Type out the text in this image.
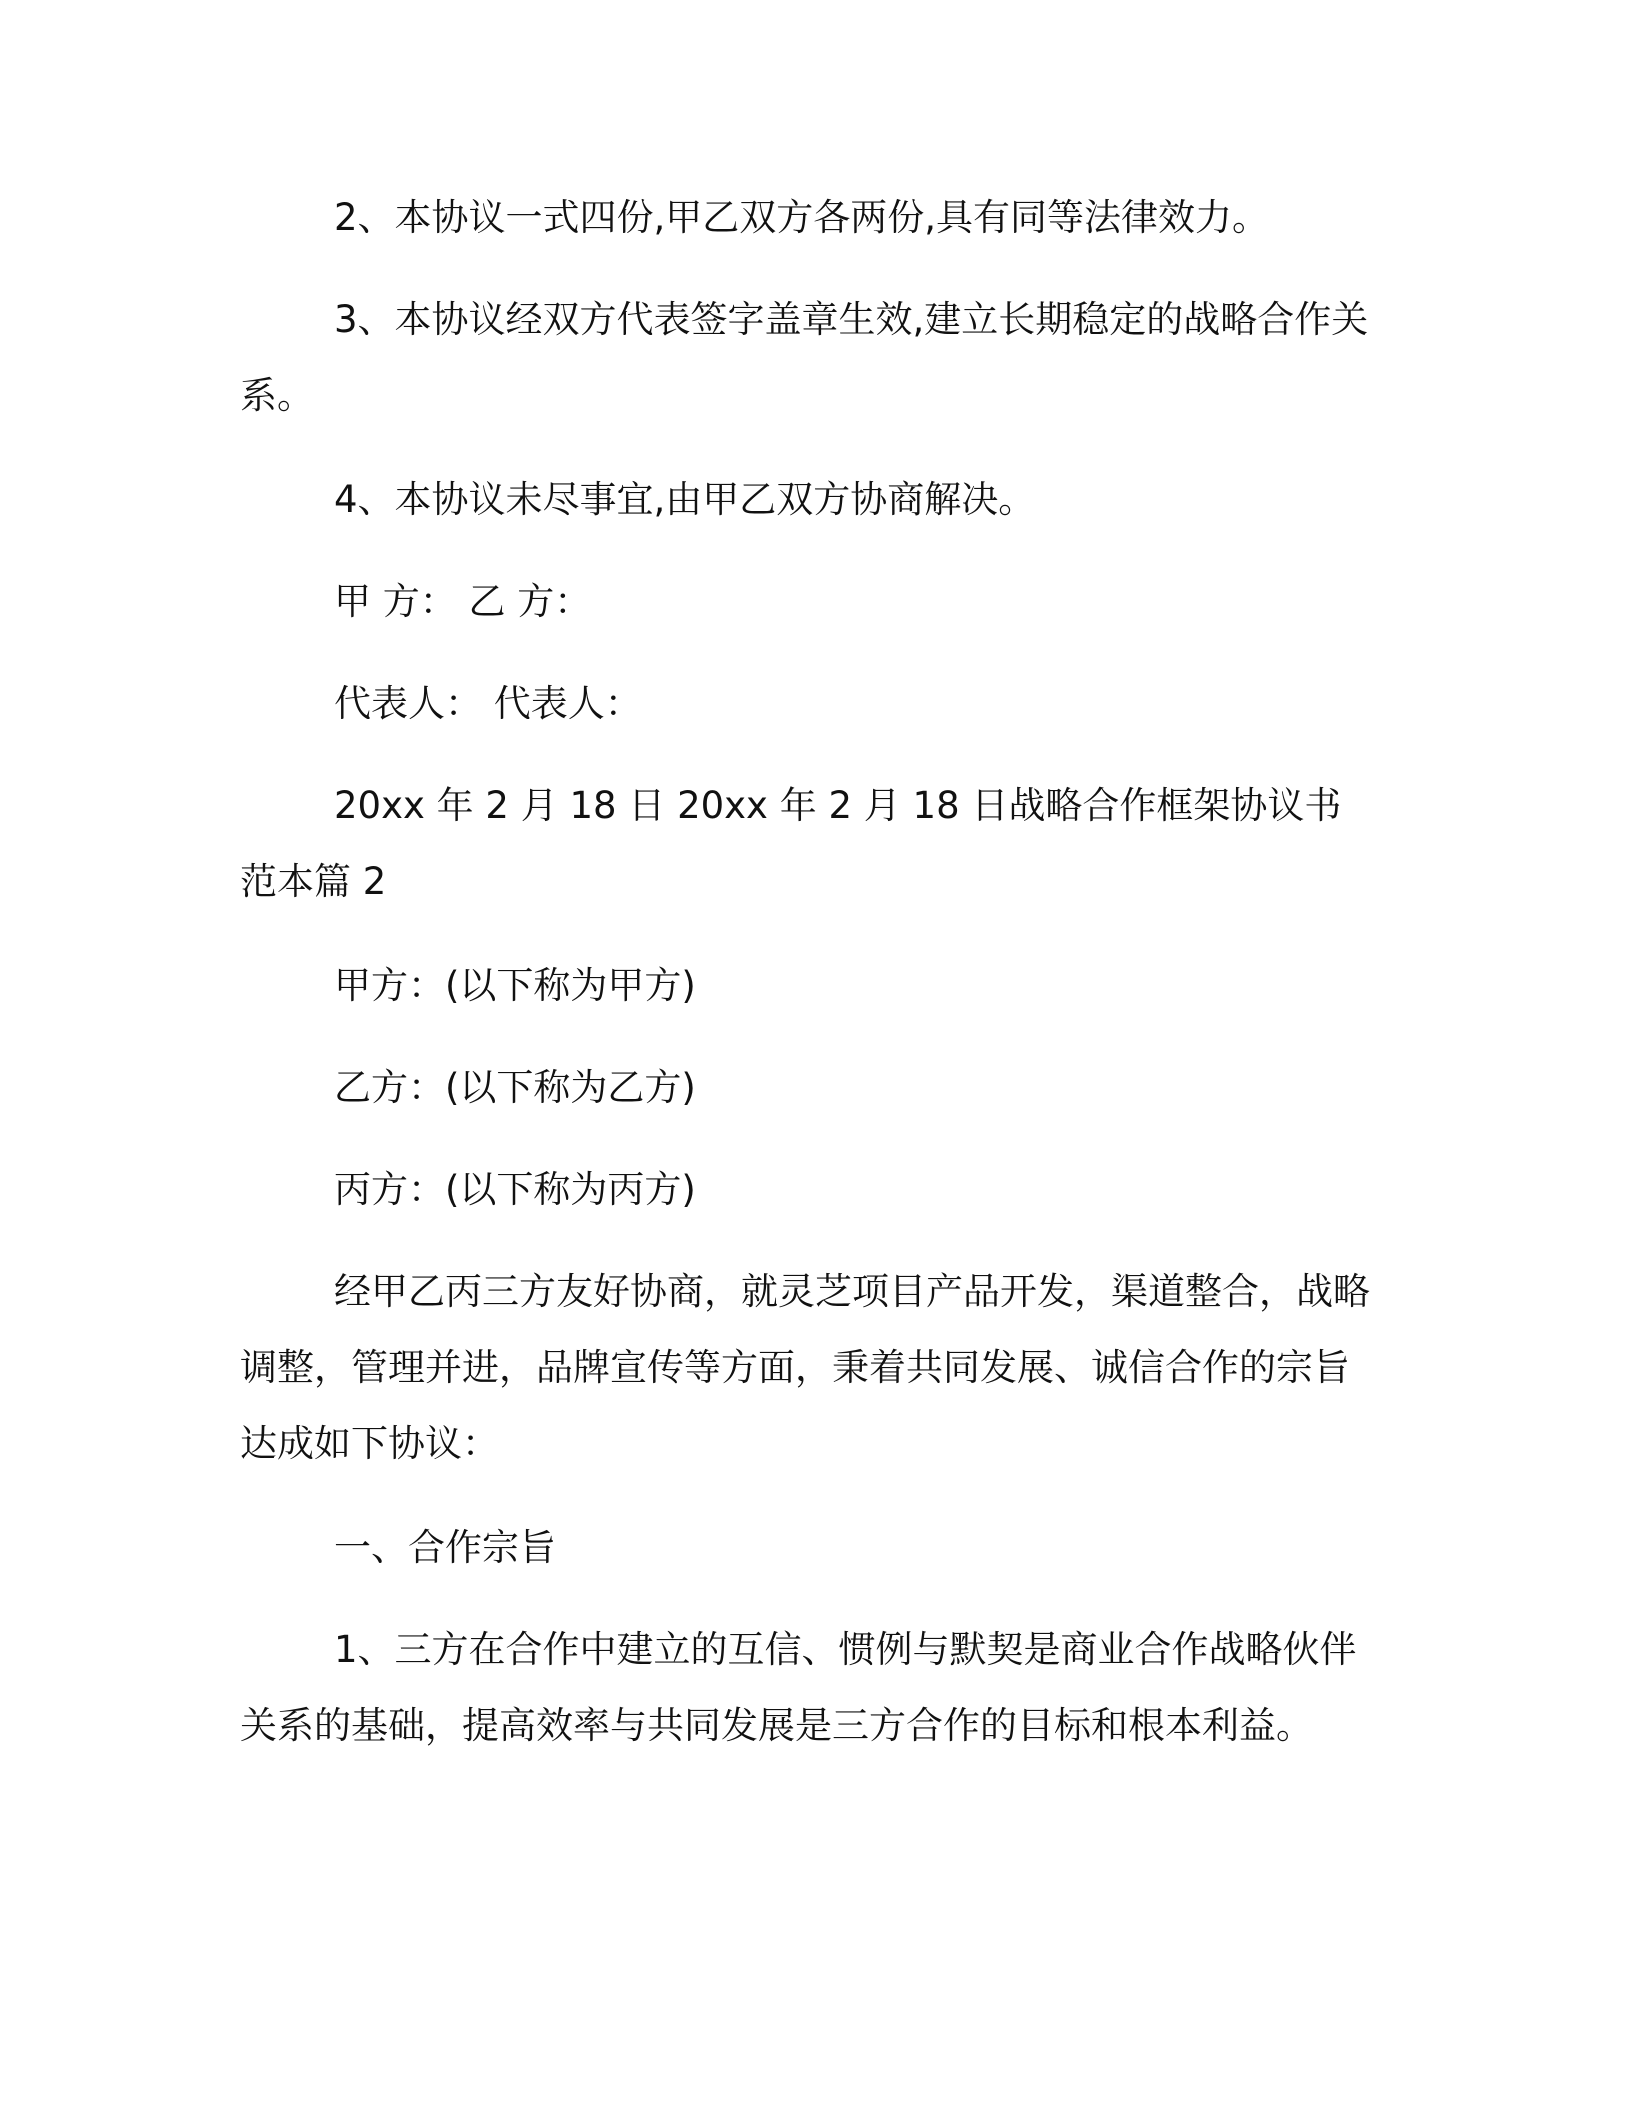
2、本协议一式四份,甲乙双方各两份,具有同等法律效力。

3、本协议经双方代表签字盖章生效,建立长期稳定的战略合作关系。

4、本协议未尽事宜,由甲乙双方协商解决。

甲 方： 乙 方：

代表人： 代表人：

20xx 年 2 月 18 日 20xx 年 2 月 18 日战略合作框架协议书范本篇 2

甲方：(以下称为甲方)

乙方：(以下称为乙方)

丙方：(以下称为丙方)

经甲乙丙三方友好协商，就灵芝项目产品开发，渠道整合，战略调整，管理并进，品牌宣传等方面，秉着共同发展、诚信合作的宗旨达成如下协议：

一、合作宗旨

1、三方在合作中建立的互信、惯例与默契是商业合作战略伙伴关系的基础，提高效率与共同发展是三方合作的目标和根本利益。
